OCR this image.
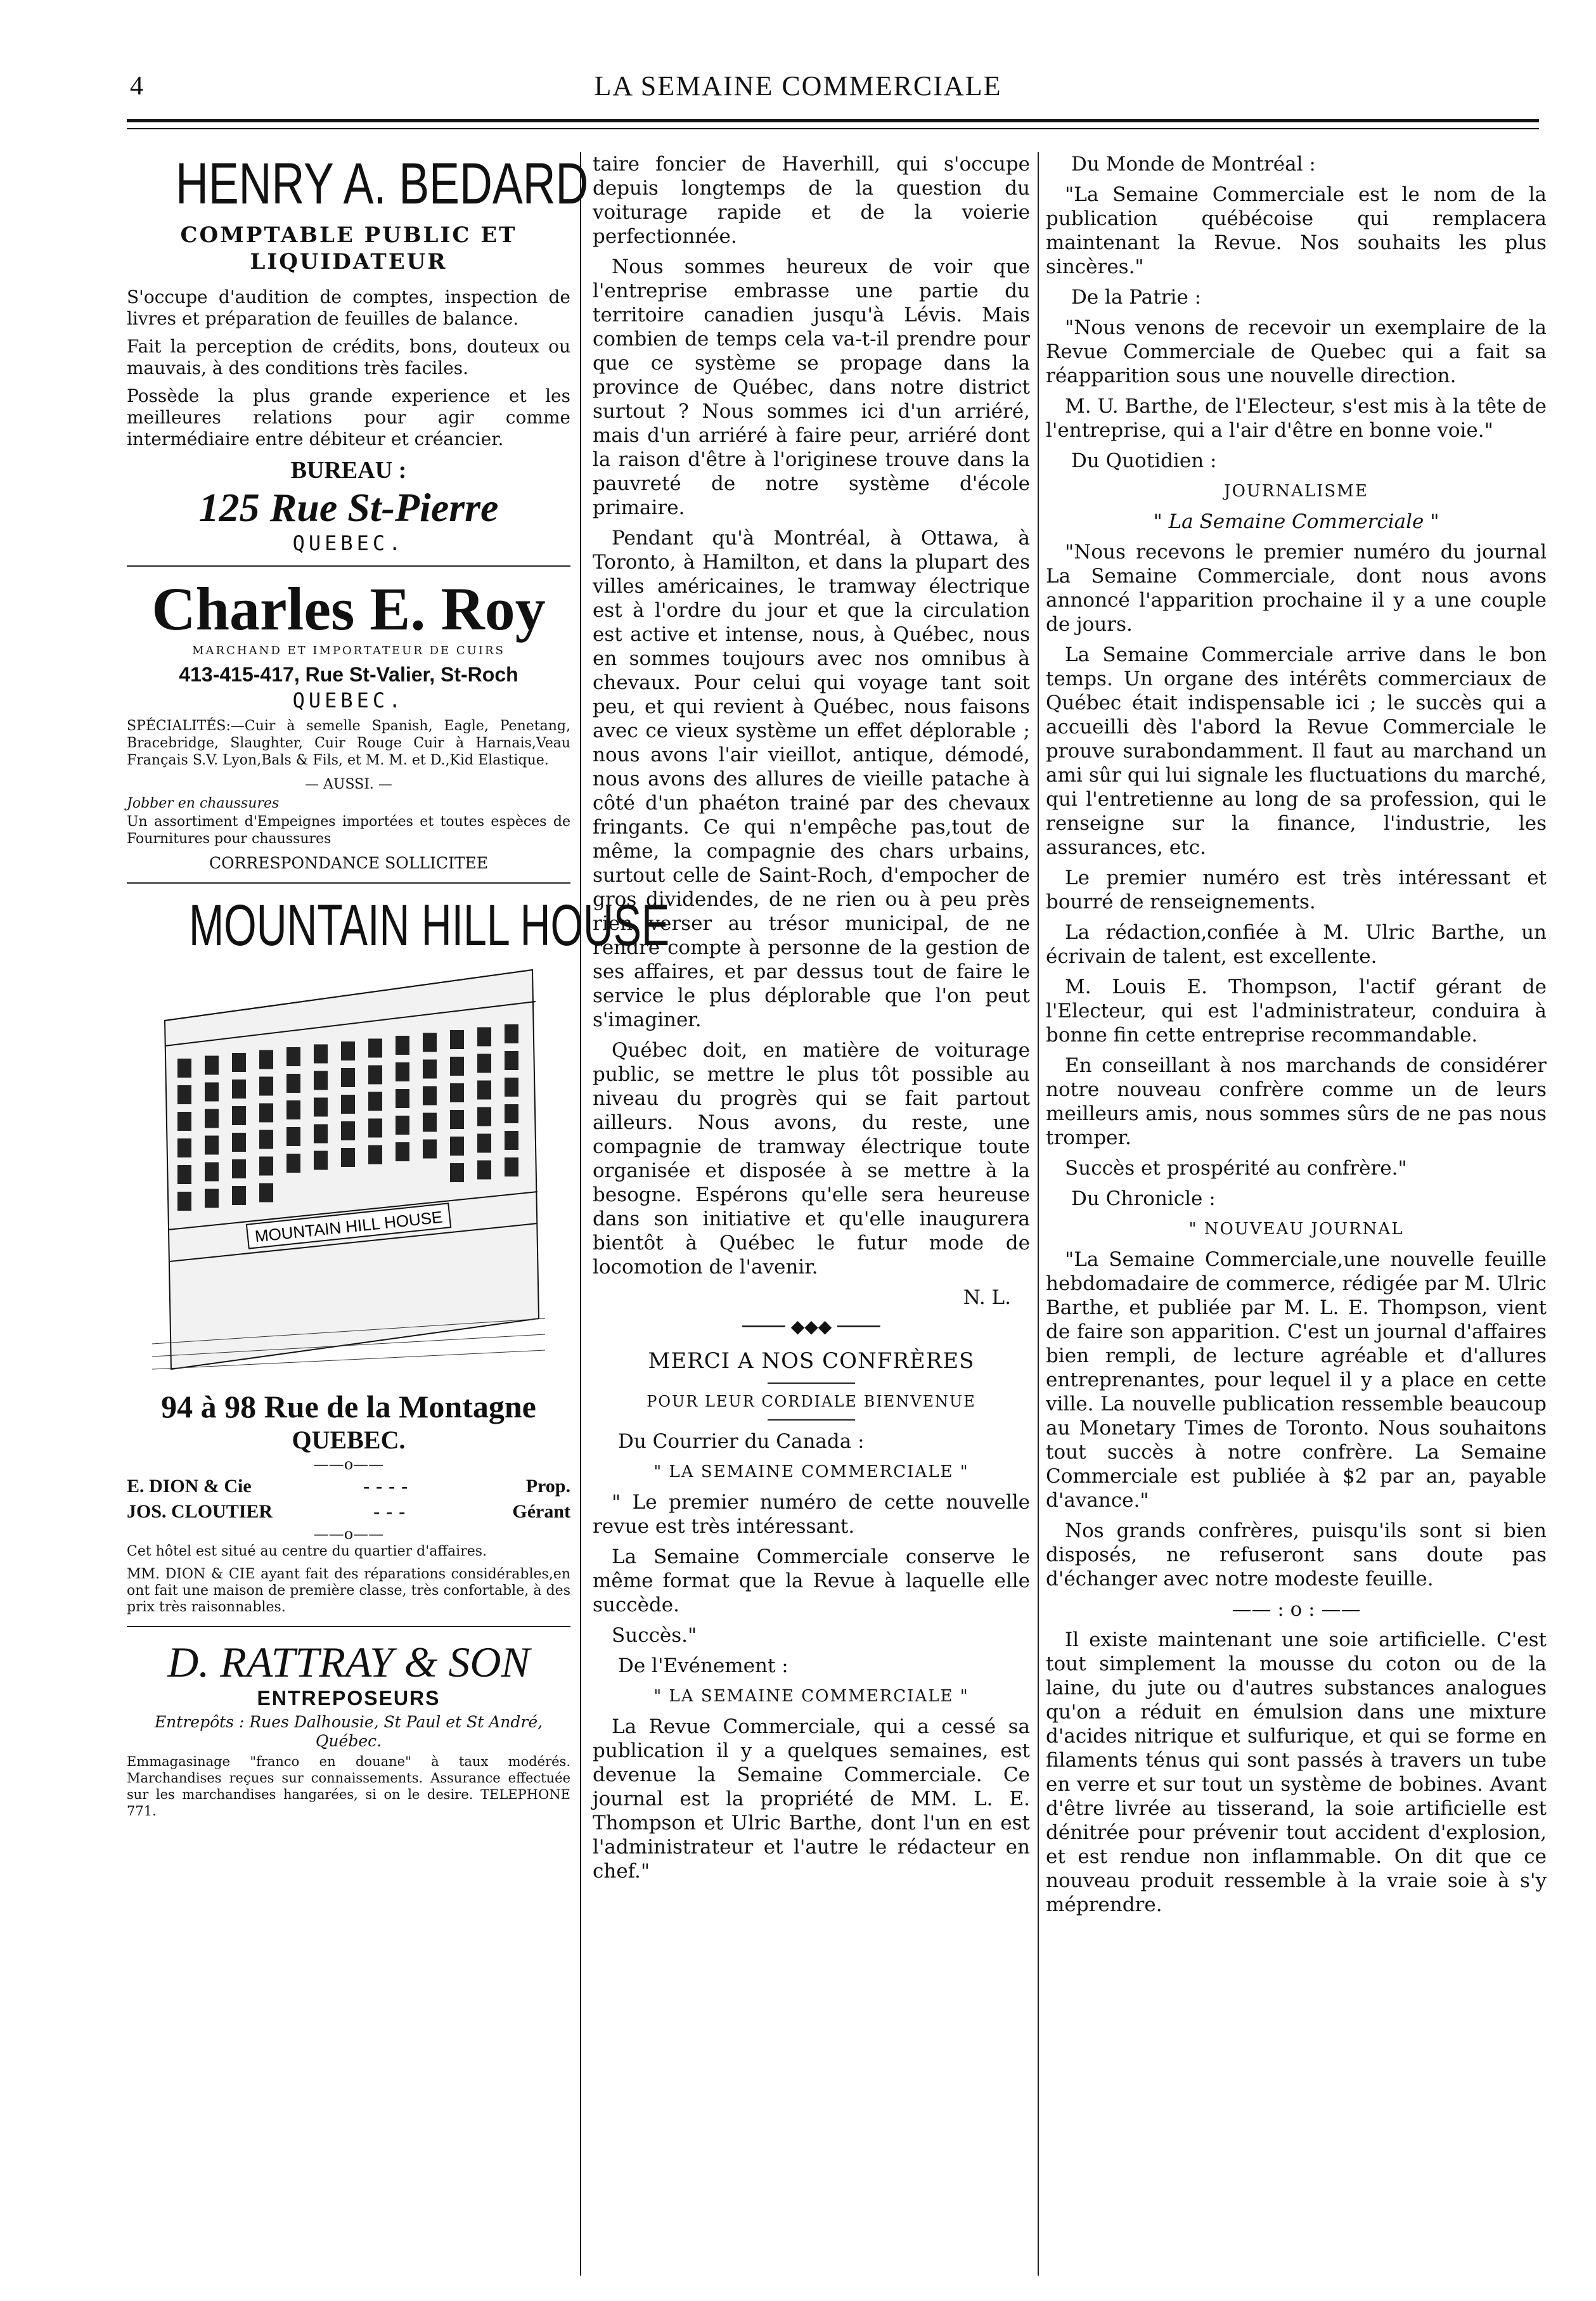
4	LA SEMAINE COMMERCIALE
HENRY A. BEDARD
COMPTABLE PUBLIC ET LIQUIDATEUR

S'occupe d'audition de comptes, inspection de livres et préparation de feuilles de balance.

Fait la perception de crédits, bons, douteux ou mauvais, à des conditions très faciles.

Possède la plus grande experience et les meilleures relations pour agir comme intermédiaire entre débiteur et créancier.

BUREAU :
125 Rue St-Pierre
QUEBEC.
Charles E. Roy
MARCHAND ET IMPORTATEUR DE CUIRS
413-415-417, Rue St-Valier, St-Roch
QUEBEC.

SPÉCIALITÉS:—Cuir à semelle Spanish, Eagle, Penetang, Bracebridge, Slaughter, Cuir Rouge Cuir à Harnais,Veau Français S.V. Lyon,Bals & Fils, et M. M. et D.,Kid Elastique.

— AUSSI. —
Jobber en chaussures

Un assortiment d'Empeignes importées et toutes espèces de Fournitures pour chaussures

CORRESPONDANCE SOLLICITEE
MOUNTAIN HILL HOUSE
MOUNTAIN HILL HOUSE
94 à 98 Rue de la Montagne
QUEBEC.
——o——
E. DION & Cie	----	Prop.
JOS. CLOUTIER	---	Gérant
——o——

Cet hôtel est situé au centre du quartier d'affaires.

MM. DION & CIE ayant fait des réparations considérables,en ont fait une maison de première classe, très confortable, à des prix très raisonnables.

D. RATTRAY & SON
ENTREPOSEURS
Entrepôts : Rues Dalhousie, St Paul et St André, Québec.

Emmagasinage "franco en douane" à taux modérés. Marchandises reçues sur connaissements. Assurance effectuée sur les marchandises hangarées, si on le desire. TELEPHONE 771.

taire foncier de Haverhill, qui s'occupe depuis longtemps de la question du voiturage rapide et de la voierie perfectionnée.

Nous sommes heureux de voir que l'entreprise embrasse une partie du territoire canadien jusqu'à Lévis. Mais combien de temps cela va-t-il prendre pour que ce système se propage dans la province de Québec, dans notre district surtout ? Nous sommes ici d'un arriéré, mais d'un arriéré à faire peur, arriéré dont la raison d'être à l'originese trouve dans la pauvreté de notre système d'école primaire.

Pendant qu'à Montréal, à Ottawa, à Toronto, à Hamilton, et dans la plupart des villes américaines, le tramway électrique est à l'ordre du jour et que la circulation est active et intense, nous, à Québec, nous en sommes toujours avec nos omnibus à chevaux. Pour celui qui voyage tant soit peu, et qui revient à Québec, nous faisons avec ce vieux système un effet déplorable ; nous avons l'air vieillot, antique, démodé, nous avons des allures de vieille patache à côté d'un phaéton trainé par des chevaux fringants. Ce qui n'empêche pas,tout de même, la compagnie des chars urbains, surtout celle de Saint-Roch, d'empocher de gros dividendes, de ne rien ou à peu près rien verser au trésor municipal, de ne rendre compte à personne de la gestion de ses affaires, et par dessus tout de faire le service le plus déplorable que l'on peut s'imaginer.

Québec doit, en matière de voiturage public, se mettre le plus tôt possible au niveau du progrès qui se fait partout ailleurs. Nous avons, du reste, une compagnie de tramway électrique toute organisée et disposée à se mettre à la besogne. Espérons qu'elle sera heureuse dans son initiative et qu'elle inaugurera bientôt à Québec le futur mode de locomotion de l'avenir.

N. L.

──── ◆◆◆ ────
MERCI A NOS CONFRÈRES
POUR LEUR CORDIALE BIENVENUE

Du Courrier du Canada :

" LA SEMAINE COMMERCIALE "

" Le premier numéro de cette nouvelle revue est très intéressant.

La Semaine Commerciale conserve le même format que la Revue à laquelle elle succède.

Succès."

De l'Evénement :

" LA SEMAINE COMMERCIALE "

La Revue Commerciale, qui a cessé sa publication il y a quelques semaines, est devenue la Semaine Commerciale. Ce journal est la propriété de MM. L. E. Thompson et Ulric Barthe, dont l'un en est l'administrateur et l'autre le rédacteur en chef."

Du Monde de Montréal :

"La Semaine Commerciale est le nom de la publication québécoise qui remplacera maintenant la Revue. Nos souhaits les plus sincères."

De la Patrie :

"Nous venons de recevoir un exemplaire de la Revue Commerciale de Quebec qui a fait sa réapparition sous une nouvelle direction.

M. U. Barthe, de l'Electeur, s'est mis à la tête de l'entreprise, qui a l'air d'être en bonne voie."

Du Quotidien :

JOURNALISME

" La Semaine Commerciale "

"Nous recevons le premier numéro du journal La Semaine Commerciale, dont nous avons annoncé l'apparition prochaine il y a une couple de jours.

La Semaine Commerciale arrive dans le bon temps. Un organe des intérêts commerciaux de Québec était indispensable ici ; le succès qui a accueilli dès l'abord la Revue Commerciale le prouve surabondamment. Il faut au marchand un ami sûr qui lui signale les fluctuations du marché, qui l'entretienne au long de sa profession, qui le renseigne sur la finance, l'industrie, les assurances, etc.

Le premier numéro est très intéressant et bourré de renseignements.

La rédaction,confiée à M. Ulric Barthe, un écrivain de talent, est excellente.

M. Louis E. Thompson, l'actif gérant de l'Electeur, qui est l'administrateur, conduira à bonne fin cette entreprise recommandable.

En conseillant à nos marchands de considérer notre nouveau confrère comme un de leurs meilleurs amis, nous sommes sûrs de ne pas nous tromper.

Succès et prospérité au confrère."

Du Chronicle :

" NOUVEAU JOURNAL

"La Semaine Commerciale,une nouvelle feuille hebdomadaire de commerce, rédigée par M. Ulric Barthe, et publiée par M. L. E. Thompson, vient de faire son apparition. C'est un journal d'affaires bien rempli, de lecture agréable et d'allures entreprenantes, pour lequel il y a place en cette ville. La nouvelle publication ressemble beaucoup au Monetary Times de Toronto. Nous souhaitons tout succès à notre confrère. La Semaine Commerciale est publiée à $2 par an, payable d'avance."

Nos grands confrères, puisqu'ils sont si bien disposés, ne refuseront sans doute pas d'échanger avec notre modeste feuille.

—— : o : ——

Il existe maintenant une soie artificielle. C'est tout simplement la mousse du coton ou de la laine, du jute ou d'autres substances analogues qu'on a réduit en émulsion dans une mixture d'acides nitrique et sulfurique, et qui se forme en filaments ténus qui sont passés à travers un tube en verre et sur tout un système de bobines. Avant d'être livrée au tisserand, la soie artificielle est dénitrée pour prévenir tout accident d'explosion, et est rendue non inflammable. On dit que ce nouveau produit ressemble à la vraie soie à s'y méprendre.
